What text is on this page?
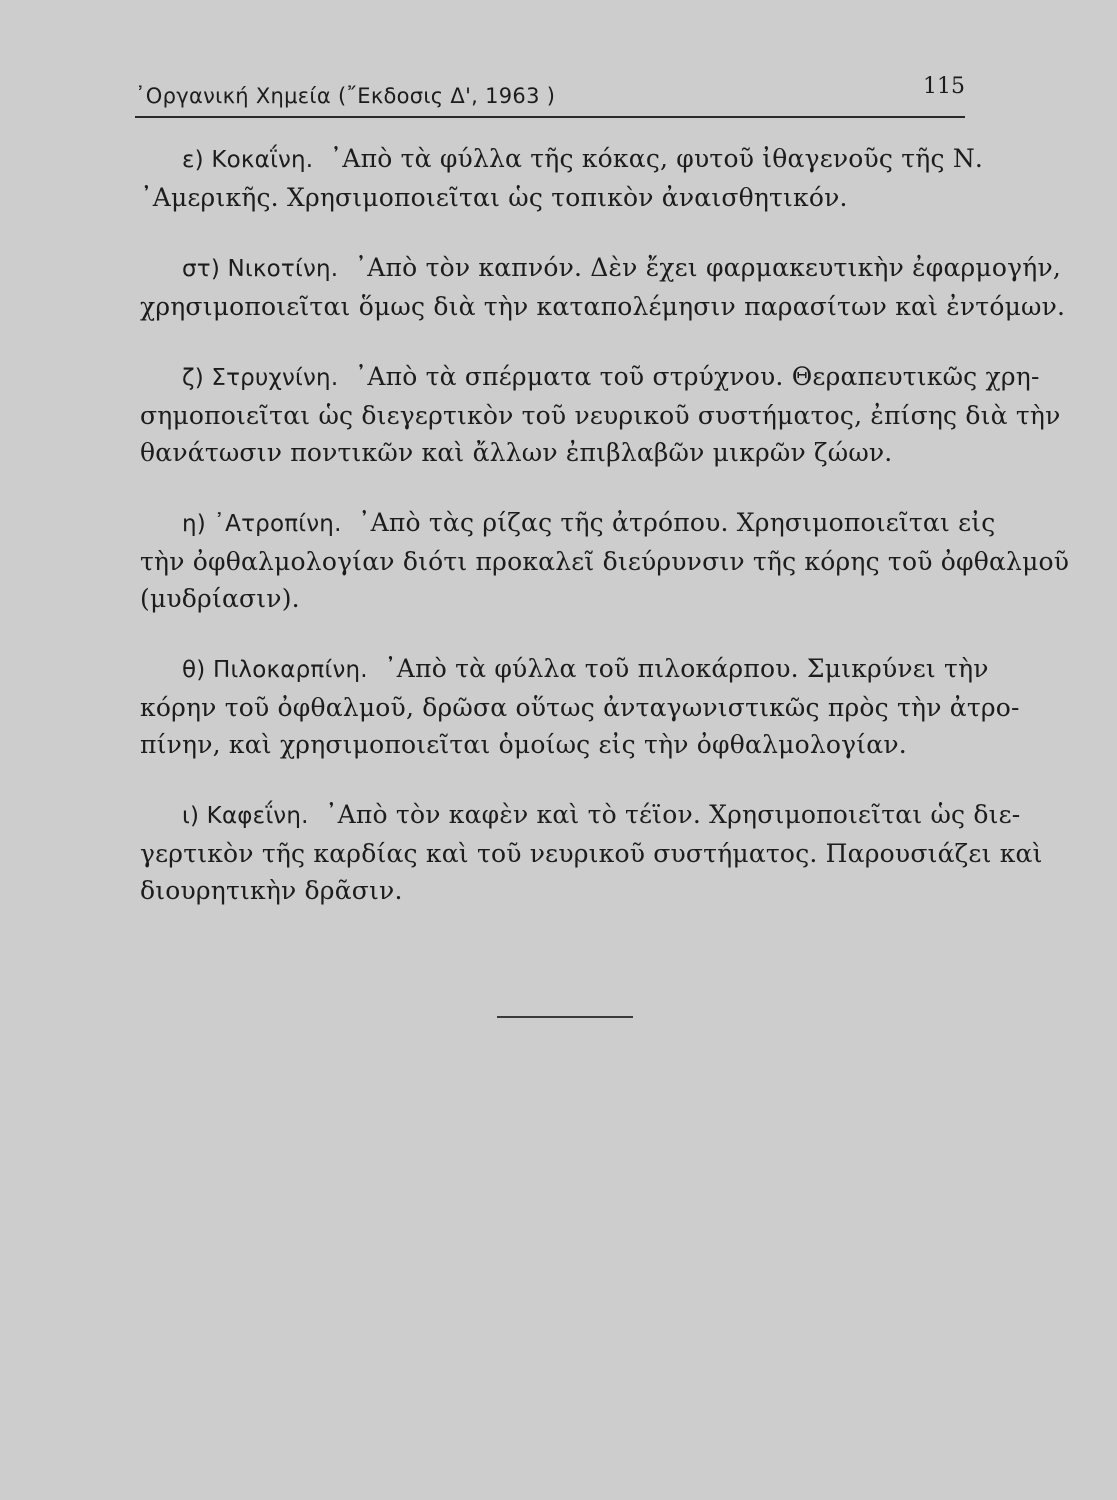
᾿Οργανική Χημεία (῎Εκδοσις Δ', 1963 )	115
ε) Κοκαΐνη. ᾿Απὸ τὰ φύλλα τῆς κόκας, φυτοῦ ἰθαγενοῦς τῆς Ν.
᾿Αμερικῆς. Χρησιμοποιεῖται ὡς τοπικὸν ἀναισθητικόν.
στ) Νικοτίνη. ᾿Απὸ τὸν καπνόν. Δὲν ἔχει φαρμακευτικὴν ἐφαρμογήν,
χρησιμοποιεῖται ὅμως διὰ τὴν καταπολέμησιν παρασίτων καὶ ἐντόμων.
ζ) Στρυχνίνη. ᾿Απὸ τὰ σπέρματα τοῦ στρύχνου. Θεραπευτικῶς χρη-
σημοποιεῖται ὡς διεγερτικὸν τοῦ νευρικοῦ συστήματος, ἐπίσης διὰ τὴν
θανάτωσιν ποντικῶν καὶ ἄλλων ἐπιβλαβῶν μικρῶν ζώων.
η) ᾿Ατροπίνη. ᾿Απὸ τὰς ρίζας τῆς ἀτρόπου. Χρησιμοποιεῖται εἰς
τὴν ὀφθαλμολογίαν διότι προκαλεῖ διεύρυνσιν τῆς κόρης τοῦ ὀφθαλμοῦ
(μυδρίασιν).
θ) Πιλοκαρπίνη. ᾿Απὸ τὰ φύλλα τοῦ πιλοκάρπου. Σμικρύνει τὴν
κόρην τοῦ ὀφθαλμοῦ, δρῶσα οὕτως ἀνταγωνιστικῶς πρὸς τὴν ἀτρο-
πίνην, καὶ χρησιμοποιεῖται ὁμοίως εἰς τὴν ὀφθαλμολογίαν.
ι) Καφεΐνη. ᾿Απὸ τὸν καφὲν καὶ τὸ τέϊον. Χρησιμοποιεῖται ὡς διε-
γερτικὸν τῆς καρδίας καὶ τοῦ νευρικοῦ συστήματος. Παρουσιάζει καὶ
διουρητικὴν δρᾶσιν.
